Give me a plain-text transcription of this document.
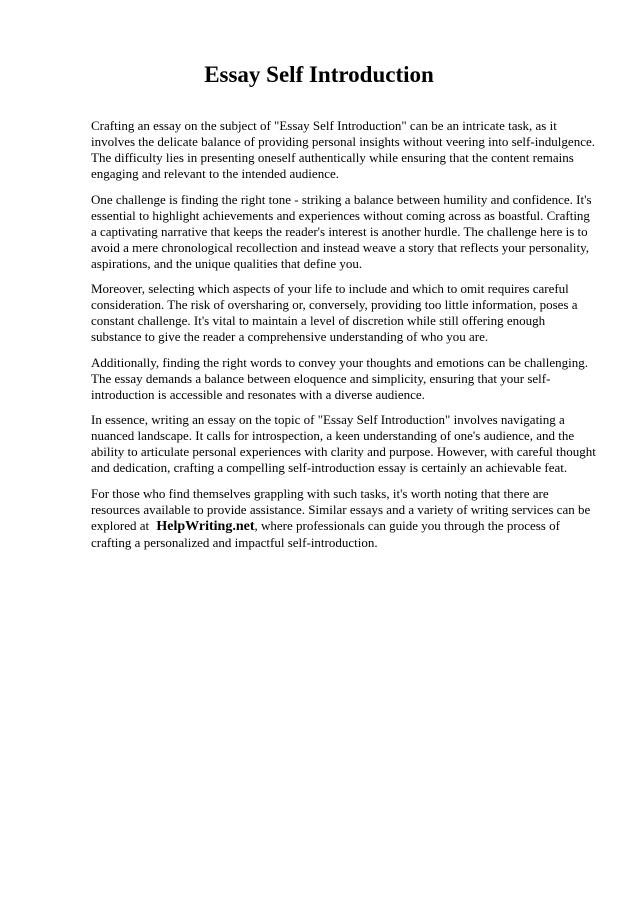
Essay Self Introduction

Crafting an essay on the subject of "Essay Self Introduction" can be an intricate task, as it involves the delicate balance of providing personal insights without veering into self-indulgence. The difficulty lies in presenting oneself authentically while ensuring that the content remains engaging and relevant to the intended audience.

One challenge is finding the right tone - striking a balance between humility and confidence. It's essential to highlight achievements and experiences without coming across as boastful. Crafting a captivating narrative that keeps the reader's interest is another hurdle. The challenge here is to avoid a mere chronological recollection and instead weave a story that reflects your personality, aspirations, and the unique qualities that define you.

Moreover, selecting which aspects of your life to include and which to omit requires careful consideration. The risk of oversharing or, conversely, providing too little information, poses a constant challenge. It's vital to maintain a level of discretion while still offering enough substance to give the reader a comprehensive understanding of who you are.

Additionally, finding the right words to convey your thoughts and emotions can be challenging. The essay demands a balance between eloquence and simplicity, ensuring that your self-introduction is accessible and resonates with a diverse audience.

In essence, writing an essay on the topic of "Essay Self Introduction" involves navigating a nuanced landscape. It calls for introspection, a keen understanding of one's audience, and the ability to articulate personal experiences with clarity and purpose. However, with careful thought and dedication, crafting a compelling self-introduction essay is certainly an achievable feat.

For those who find themselves grappling with such tasks, it's worth noting that there are resources available to provide assistance. Similar essays and a variety of writing services can be explored at HelpWriting.net, where professionals can guide you through the process of crafting a personalized and impactful self-introduction.
